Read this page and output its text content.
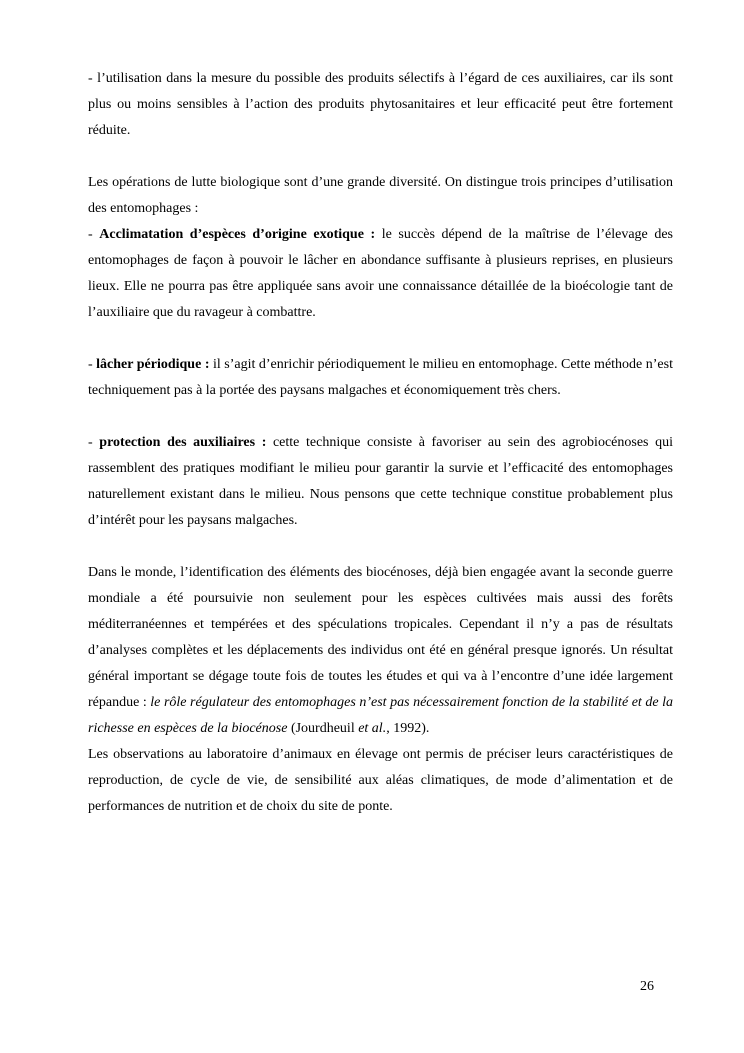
- l’utilisation dans la mesure du possible des produits sélectifs à l’égard de ces auxiliaires, car ils sont plus ou moins sensibles à l’action des produits phytosanitaires et leur efficacité peut être fortement réduite.

Les opérations de lutte biologique sont d’une grande diversité. On distingue trois principes d’utilisation des entomophages :

- Acclimatation d’espèces d’origine exotique : le succès dépend de la maîtrise de l’élevage des entomophages de façon à pouvoir le lâcher en abondance suffisante à plusieurs reprises, en plusieurs lieux. Elle ne pourra pas être appliquée sans avoir une connaissance détaillée de la bioécologie tant de l’auxiliaire que du ravageur à combattre.

- lâcher périodique : il s’agit d’enrichir périodiquement le milieu en entomophage. Cette méthode n’est techniquement pas à la portée des paysans malgaches et économiquement très chers.

- protection des auxiliaires : cette technique consiste à favoriser au sein des agrobiocénoses qui rassemblent des pratiques modifiant le milieu pour garantir la survie et l’efficacité des entomophages naturellement existant dans le milieu. Nous pensons que cette technique constitue probablement plus d’intérêt pour les paysans malgaches.

Dans le monde, l’identification des éléments des biocénoses, déjà bien engagée avant la seconde guerre mondiale a été poursuivie non seulement pour les espèces cultivées mais aussi des forêts méditerranéennes et tempérées et des spéculations tropicales. Cependant il n’y a pas de résultats d’analyses complètes et les déplacements des individus ont été en général presque ignorés. Un résultat général important se dégage toute fois de toutes les études et qui va à l’encontre d’une idée largement répandue : le rôle régulateur des entomophages n’est pas nécessairement fonction de la stabilité et de la richesse en espèces de la biocénose (Jourdheuil et al., 1992).

Les observations au laboratoire d’animaux en élevage ont permis de préciser leurs caractéristiques de reproduction, de cycle de vie, de sensibilité aux aléas climatiques, de mode d’alimentation et de performances de nutrition et de choix du site de ponte.

26
